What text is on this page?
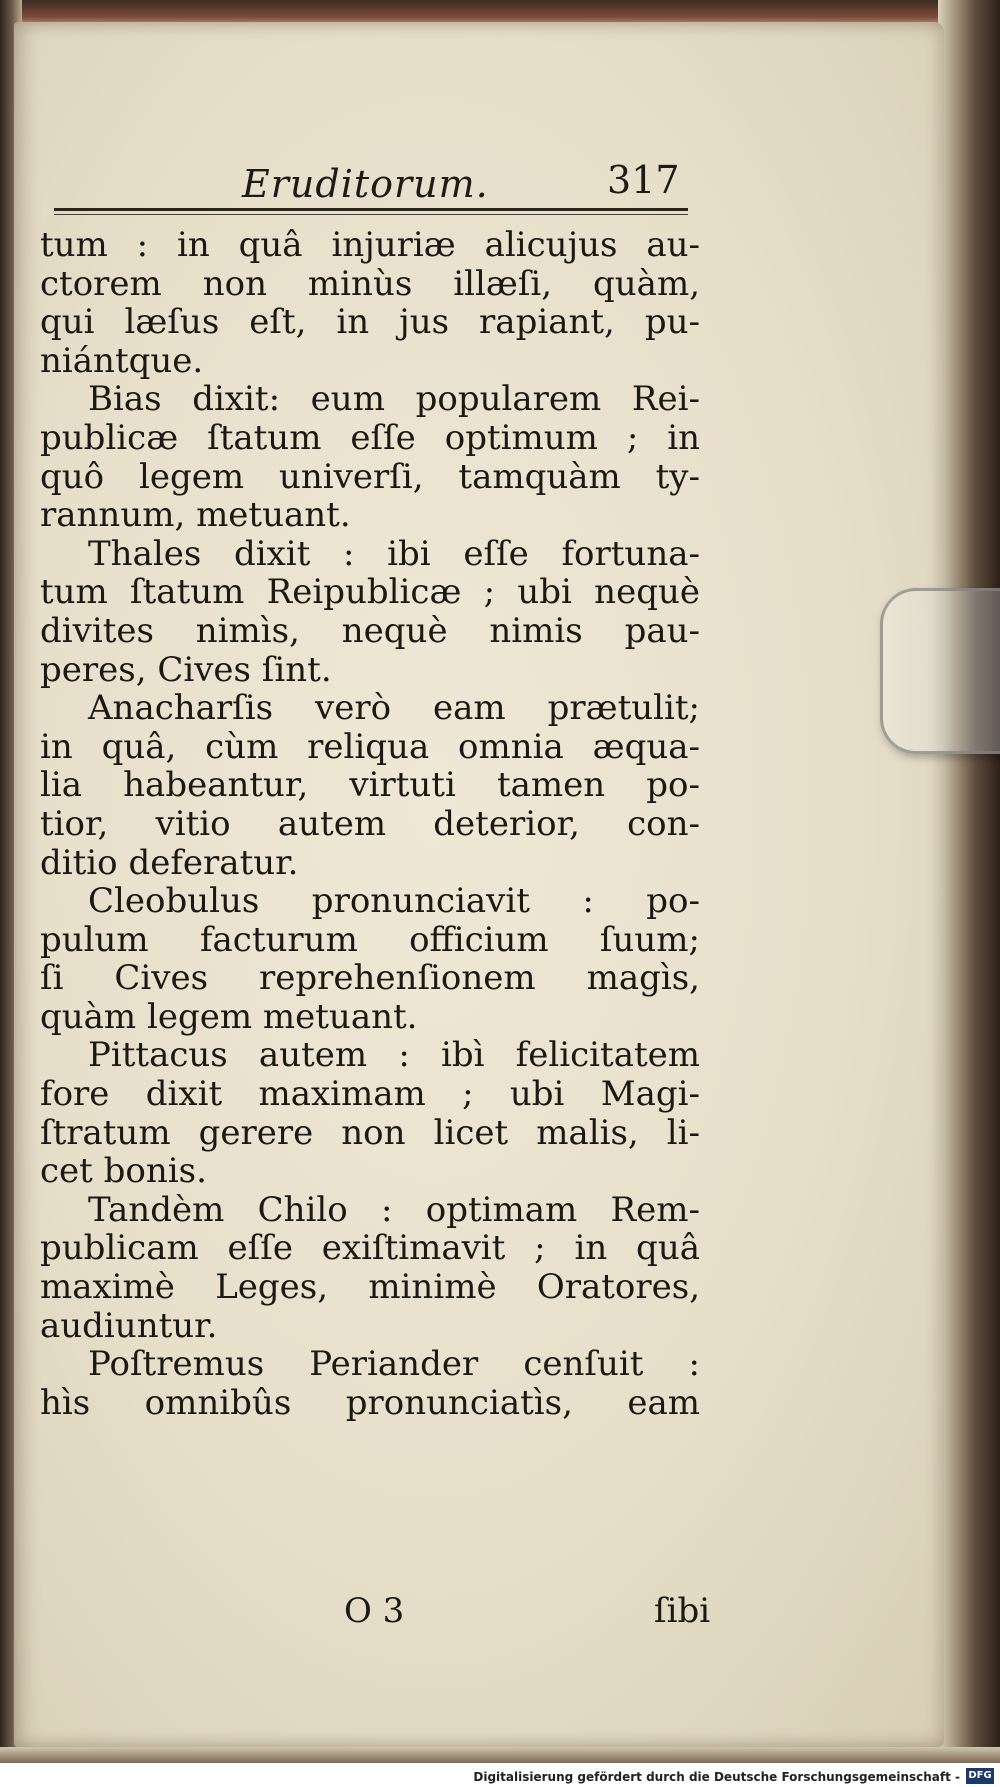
Eruditorum.	317
tum : in quâ injuriæ alicujus au-
ctorem non minùs illæſi, quàm,
qui læſus eſt, in jus rapiant, pu-
niántque.
Bias dixit: eum popularem Rei-
publicæ ſtatum eſſe optimum ; in
quô legem univerſi, tamquàm ty-
rannum, metuant.
Thales dixit : ibi eſſe fortuna-
tum ſtatum Reipublicæ ; ubi nequè
divites nimìs, nequè nimis pau-
peres, Cives ſint.
Anacharſis verò eam prætulit;
in quâ, cùm reliqua omnia æqua-
lia habeantur, virtuti tamen po-
tior, vitio autem deterior, con-
ditio deferatur.
Cleobulus pronunciavit : po-
pulum facturum officium ſuum;
ſi Cives reprehenſionem magìs,
quàm legem metuant.
Pittacus autem : ibì felicitatem
fore dixit maximam ; ubi Magi-
ſtratum gerere non licet malis, li-
cet bonis.
Tandèm Chilo : optimam Rem-
publicam eſſe exiſtimavit ; in quâ
maximè Leges, minimè Oratores,
audiuntur.
Poſtremus Periander cenſuit :
hìs omnibûs pronunciatìs, eam
O 3	ſibi
Digitalisierung gefördert durch die Deutsche Forschungsgemeinschaft - DFG
